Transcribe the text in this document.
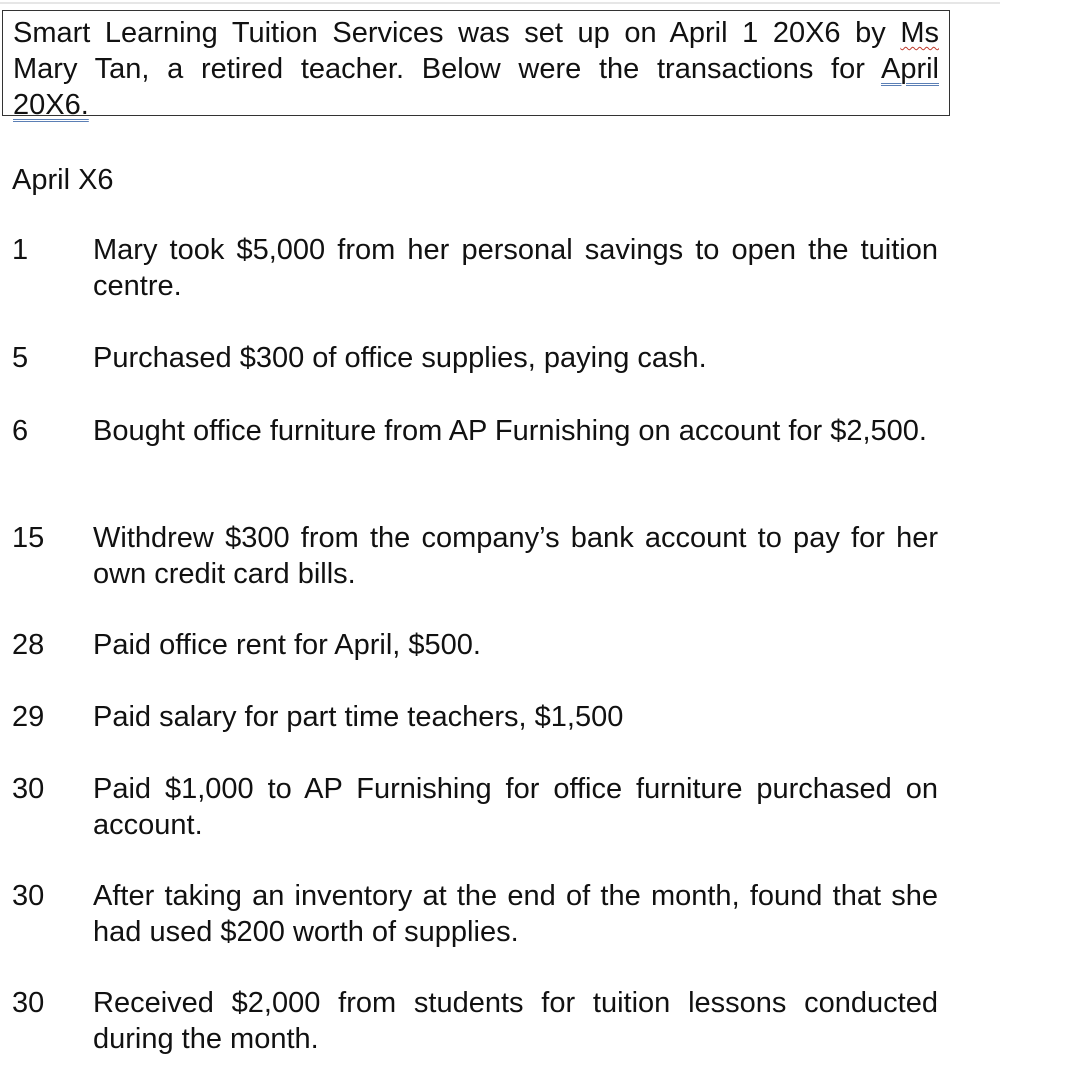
Smart Learning Tuition Services was set up on April 1 20X6 by Ms
Mary Tan, a retired teacher. Below were the transactions for April
20X6.
April X6
1	Mary took $5,000 from her personal savings to open the tuition centre.
5	Purchased $300 of office supplies, paying cash.
6	Bought office furniture from AP Furnishing on account for $2,500.
15	Withdrew $300 from the company’s bank account to pay for her own credit card bills.
28	Paid office rent for April, $500.
29	Paid salary for part time teachers, $1,500
30	Paid $1,000 to AP Furnishing for office furniture purchased on account.
30	After taking an inventory at the end of the month, found that she had used $200 worth of supplies.
30	Received $2,000 from students for tuition lessons conducted during the month.
